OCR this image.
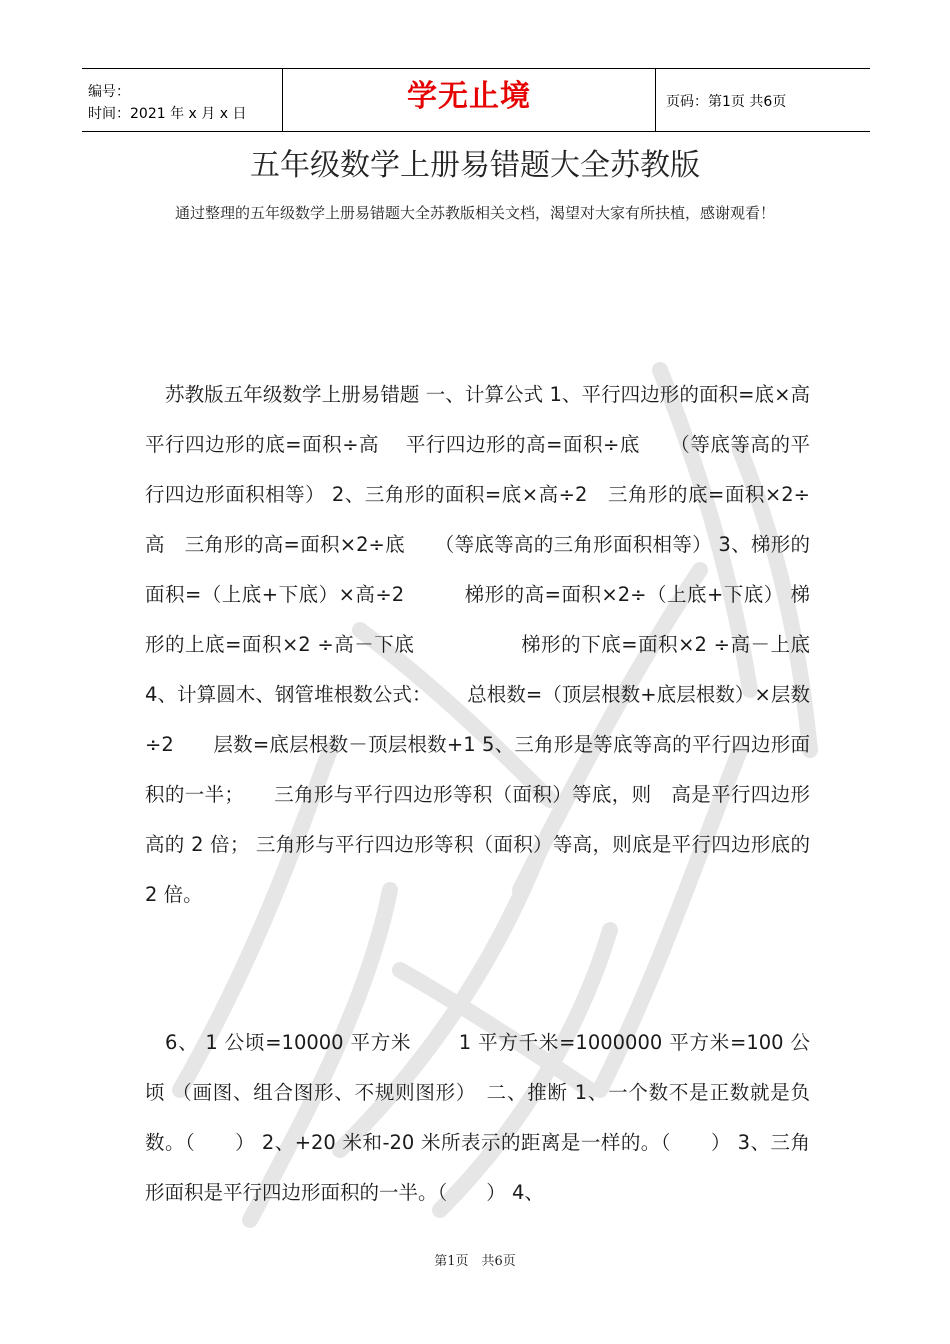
编号：
时间：2021 年 x 月 x 日	学无止境	页码：第1页 共6页
五年级数学上册易错题大全苏教版
通过整理的五年级数学上册易错题大全苏教版相关文档，渴望对大家有所扶植，感谢观看！
苏教版五年级数学上册易错题 一、计算公式 1、平行四边形的面积=底×高　　平行四边形的底=面积÷高　 平行四边形的高=面积÷底　　（等底等高的平行四边形面积相等） 2、三角形的面积=底×高÷2　三角形的底=面积×2÷高　三角形的高=面积×2÷底　　（等底等高的三角形面积相等） 3、梯形的面积=（上底+下底）×高÷2　　　梯形的高=面积×2÷（上底+下底） 梯形的上底=面积×2 ÷高－下底　　　　　 梯形的下底=面积×2 ÷高－上底　　　4、计算圆木、钢管堆根数公式：　　 总根数=（顶层根数+底层根数）×层数÷2　　层数=底层根数－顶层根数+1 5、三角形是等底等高的平行四边形面积的一半；　　三角形与平行四边形等积（面积）等底，则　高是平行四边形高的 2 倍； 三角形与平行四边形等积（面积）等高，则底是平行四边形底的 2 倍。
6、 1 公顷=10000 平方米　　 1 平方千米=1000000 平方米=100 公顷 （画图、组合图形、不规则图形）　二、推断 1、一个数不是正数就是负数。（　　） 2、+20 米和-20 米所表示的距离是一样的。（　　） 3、三角形面积是平行四边形面积的一半。（　　） 4、
第1页　共6页
